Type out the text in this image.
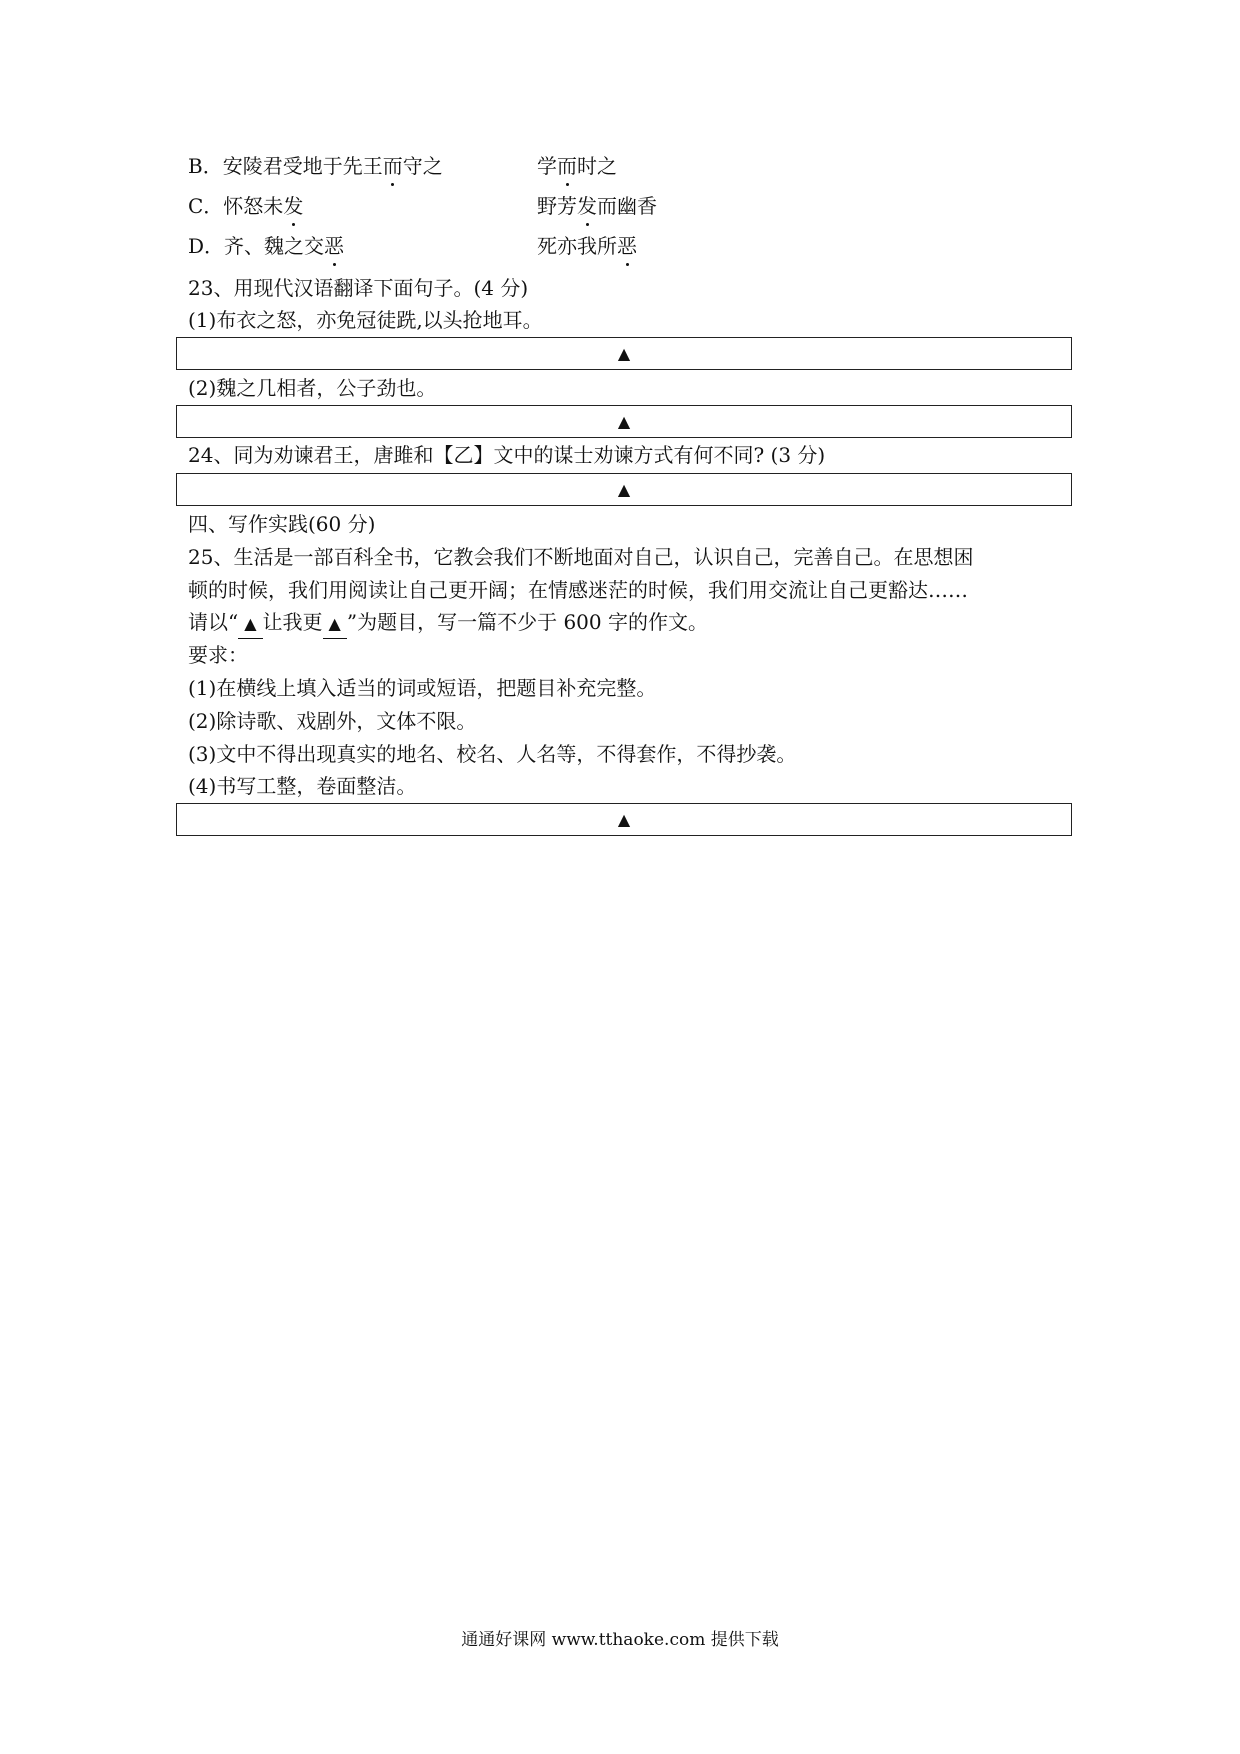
B．安陵君受地于先王而守之	学而时之
C．怀怒未发	野芳发而幽香
D．齐、魏之交恶	死亦我所恶
23、用现代汉语翻译下面句子。(4 分)
(1)布衣之怒，亦免冠徒跣,以头抢地耳。
▲
(2)魏之几相者，公子劲也。
▲
24、同为劝谏君王，唐雎和【乙】文中的谋士劝谏方式有何不同? (3 分)
▲
四、写作实践(60 分)
25、生活是一部百科全书，它教会我们不断地面对自己，认识自己，完善自己。在思想困
顿的时候，我们用阅读让自己更开阔；在情感迷茫的时候，我们用交流让自己更豁达……
请以“ ▲ 让我更 ▲ ”为题目，写一篇不少于 600 字的作文。
要求：
(1)在横线上填入适当的词或短语，把题目补充完整。
(2)除诗歌、戏剧外，文体不限。
(3)文中不得出现真实的地名、校名、人名等，不得套作，不得抄袭。
(4)书写工整，卷面整洁。
▲
通通好课网 www.tthaoke.com 提供下载
